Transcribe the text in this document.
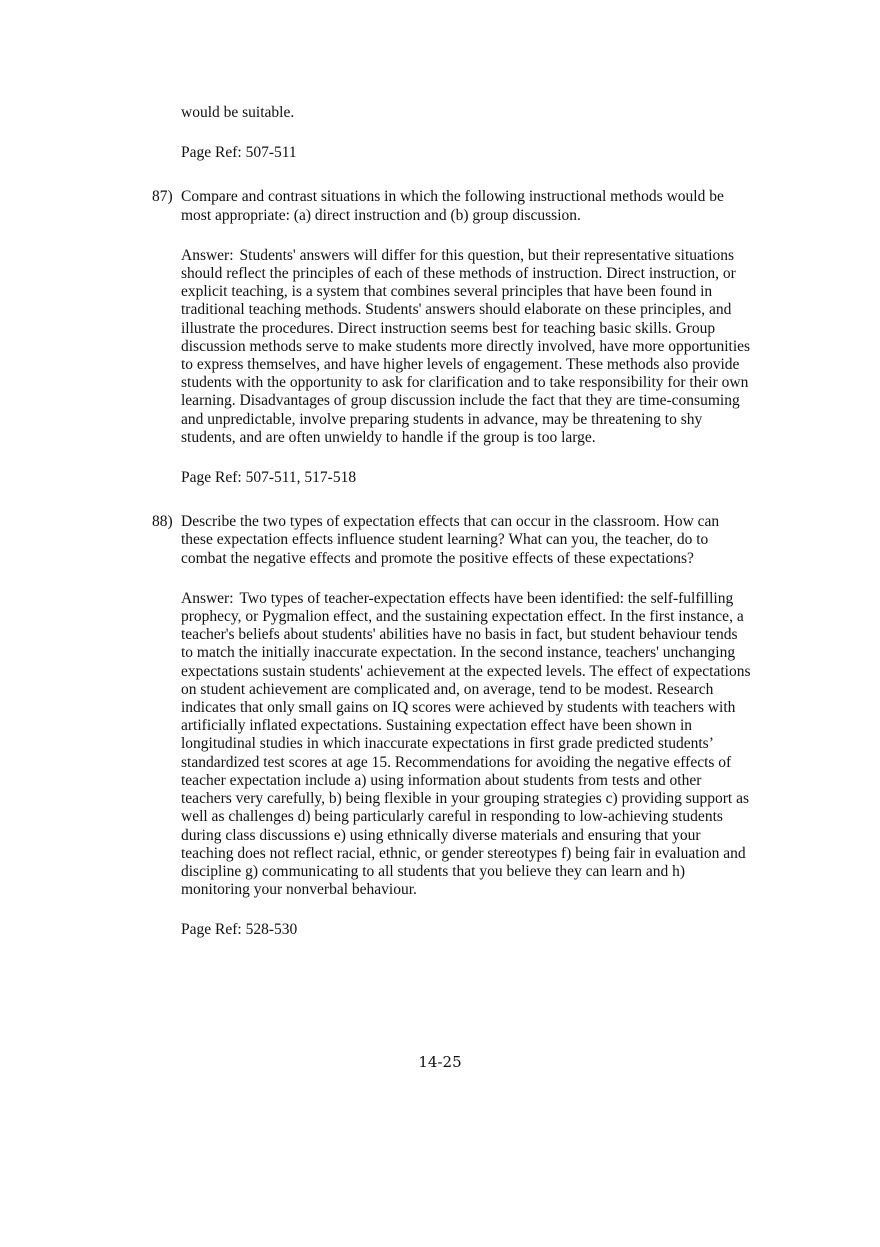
would be suitable.

Page Ref: 507-511

87) Compare and contrast situations in which the following instructional methods would be most appropriate: (a) direct instruction and (b) group discussion.

Answer: Students' answers will differ for this question, but their representative situations should reflect the principles of each of these methods of instruction. Direct instruction, or explicit teaching, is a system that combines several principles that have been found in traditional teaching methods. Students' answers should elaborate on these principles, and illustrate the procedures. Direct instruction seems best for teaching basic skills. Group discussion methods serve to make students more directly involved, have more opportunities to express themselves, and have higher levels of engagement. These methods also provide students with the opportunity to ask for clarification and to take responsibility for their own learning. Disadvantages of group discussion include the fact that they are time-consuming and unpredictable, involve preparing students in advance, may be threatening to shy students, and are often unwieldy to handle if the group is too large.

Page Ref: 507-511, 517-518

88) Describe the two types of expectation effects that can occur in the classroom. How can these expectation effects influence student learning? What can you, the teacher, do to combat the negative effects and promote the positive effects of these expectations?

Answer: Two types of teacher-expectation effects have been identified: the self-fulfilling prophecy, or Pygmalion effect, and the sustaining expectation effect. In the first instance, a teacher's beliefs about students' abilities have no basis in fact, but student behaviour tends to match the initially inaccurate expectation. In the second instance, teachers' unchanging expectations sustain students' achievement at the expected levels. The effect of expectations on student achievement are complicated and, on average, tend to be modest. Research indicates that only small gains on IQ scores were achieved by students with teachers with artificially inflated expectations. Sustaining expectation effect have been shown in longitudinal studies in which inaccurate expectations in first grade predicted students’ standardized test scores at age 15. Recommendations for avoiding the negative effects of teacher expectation include a) using information about students from tests and other teachers very carefully, b) being flexible in your grouping strategies c) providing support as well as challenges d) being particularly careful in responding to low-achieving students during class discussions e) using ethnically diverse materials and ensuring that your teaching does not reflect racial, ethnic, or gender stereotypes f) being fair in evaluation and discipline g) communicating to all students that you believe they can learn and h) monitoring your nonverbal behaviour.

Page Ref: 528-530

14-25
